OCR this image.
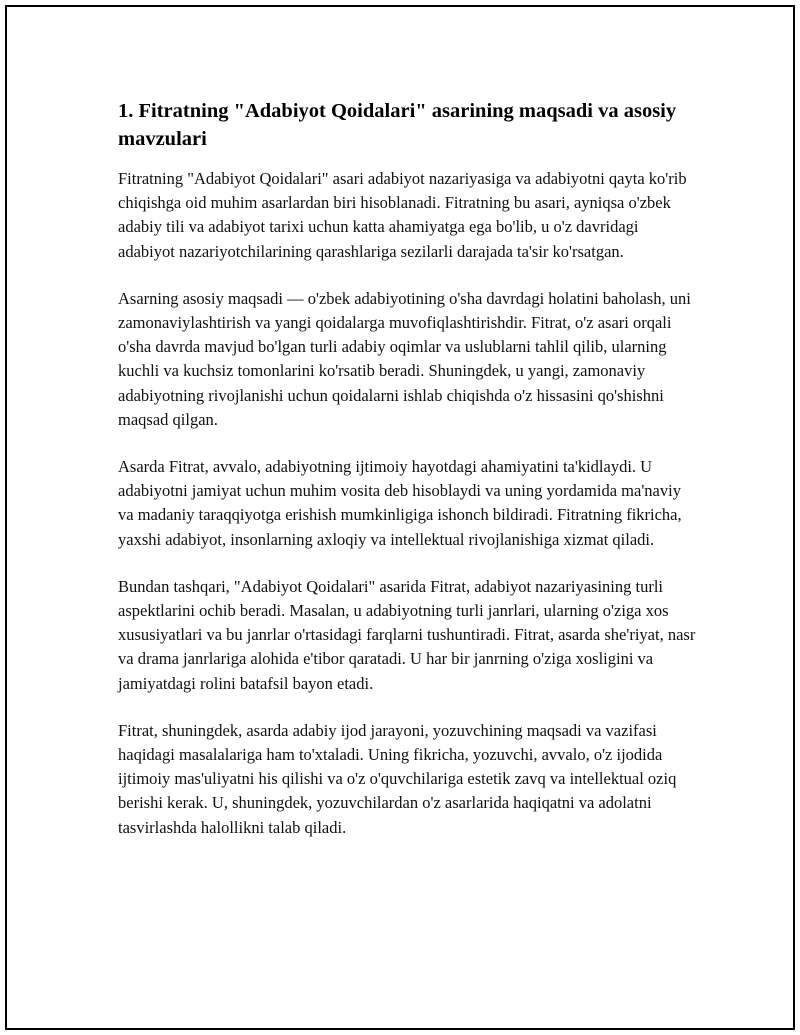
1. Fitratning "Adabiyot Qoidalari" asarining maqsadi va asosiy mavzulari

Fitratning "Adabiyot Qoidalari" asari adabiyot nazariyasiga va adabiyotni qayta ko'rib chiqishga oid muhim asarlardan biri hisoblanadi. Fitratning bu asari, ayniqsa o'zbek adabiy tili va adabiyot tarixi uchun katta ahamiyatga ega bo'lib, u o'z davridagi adabiyot nazariyotchilarining qarashlariga sezilarli darajada ta'sir ko'rsatgan.

Asarning asosiy maqsadi — o'zbek adabiyotining o'sha davrdagi holatini baholash, uni zamonaviylashtirish va yangi qoidalarga muvofiqlashtirishdir. Fitrat, o'z asari orqali o'sha davrda mavjud bo'lgan turli adabiy oqimlar va uslublarni tahlil qilib, ularning kuchli va kuchsiz tomonlarini ko'rsatib beradi. Shuningdek, u yangi, zamonaviy adabiyotning rivojlanishi uchun qoidalarni ishlab chiqishda o'z hissasini qo'shishni maqsad qilgan.

Asarda Fitrat, avvalo, adabiyotning ijtimoiy hayotdagi ahamiyatini ta'kidlaydi. U adabiyotni jamiyat uchun muhim vosita deb hisoblaydi va uning yordamida ma'naviy va madaniy taraqqiyotga erishish mumkinligiga ishonch bildiradi. Fitratning fikricha, yaxshi adabiyot, insonlarning axloqiy va intellektual rivojlanishiga xizmat qiladi.

Bundan tashqari, "Adabiyot Qoidalari" asarida Fitrat, adabiyot nazariyasining turli aspektlarini ochib beradi. Masalan, u adabiyotning turli janrlari, ularning o'ziga xos xususiyatlari va bu janrlar o'rtasidagi farqlarni tushuntiradi. Fitrat, asarda she'riyat, nasr va drama janrlariga alohida e'tibor qaratadi. U har bir janrning o'ziga xosligini va jamiyatdagi rolini batafsil bayon etadi.

Fitrat, shuningdek, asarda adabiy ijod jarayoni, yozuvchining maqsadi va vazifasi haqidagi masalalariga ham to'xtaladi. Uning fikricha, yozuvchi, avvalo, o'z ijodida ijtimoiy mas'uliyatni his qilishi va o'z o'quvchilariga estetik zavq va intellektual oziq berishi kerak. U, shuningdek, yozuvchilardan o'z asarlarida haqiqatni va adolatni tasvirlashda halollikni talab qiladi.
